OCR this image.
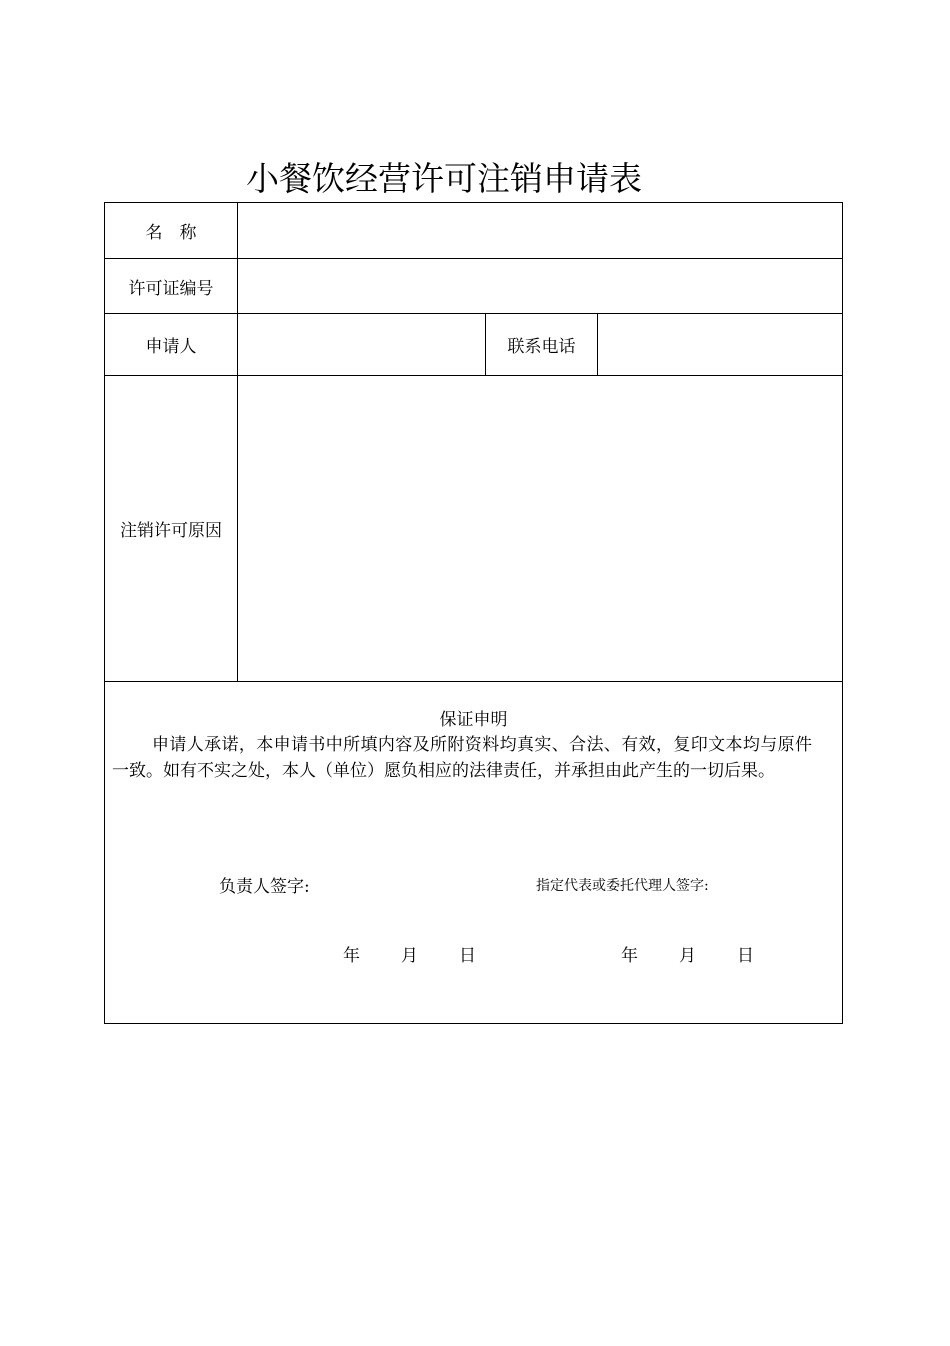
小餐饮经营许可注销申请表
名　称
许可证编号
申请人	联系电话
注销许可原因
保证申明
申请人承诺，本申请书中所填内容及所附资料均真实、合法、有效，复印文本均与原件一致。如有不实之处，本人（单位）愿负相应的法律责任，并承担由此产生的一切后果。
负责人签字:	指定代表或委托代理人签字:
年 月 日	年 月 日
